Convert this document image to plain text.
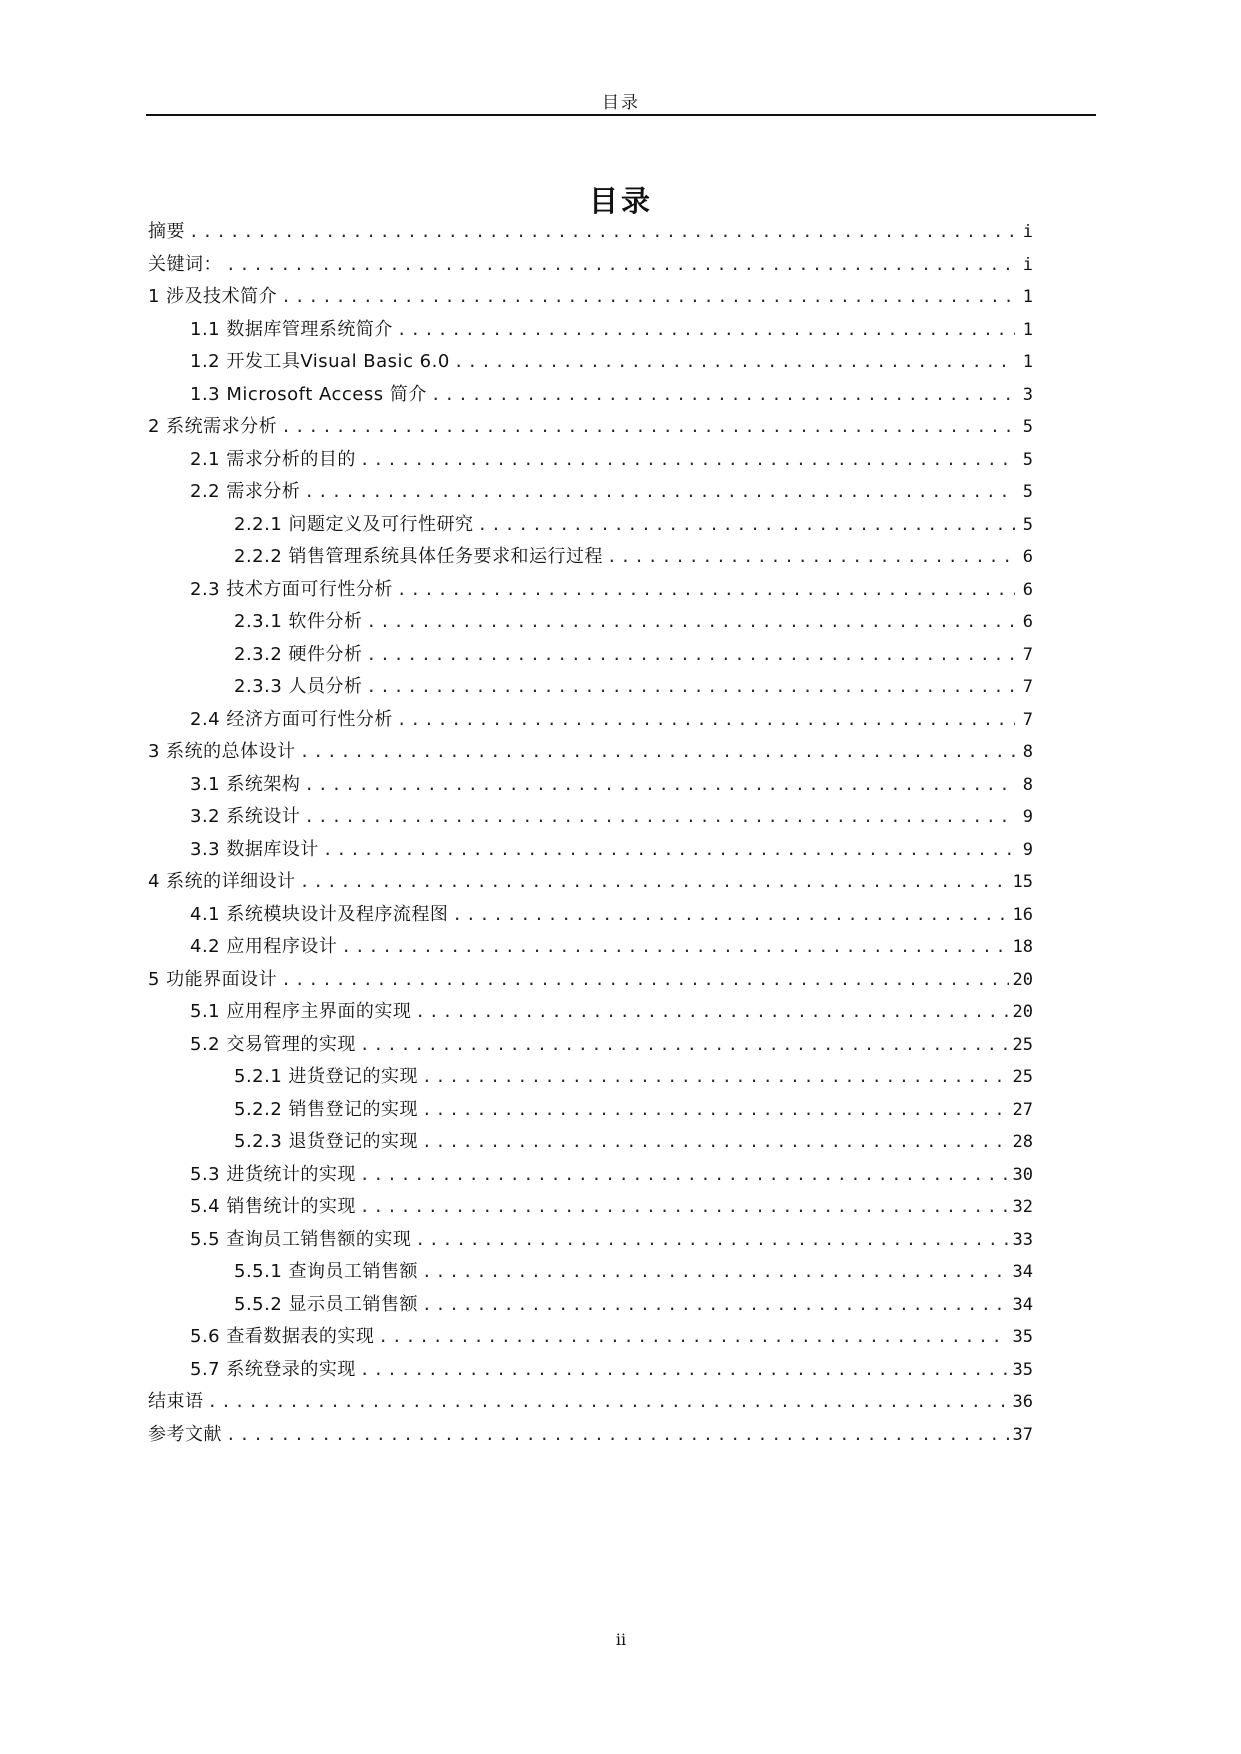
目录
目录
摘要 .....	i
关键词： .....	i
1 涉及技术简介 .....	1
1.1 数据库管理系统简介 .....	1
1.2 开发工具Visual Basic 6.0 .....	1
1.3 Microsoft Access 简介 .....	3
2 系统需求分析 .....	5
2.1 需求分析的目的 .....	5
2.2 需求分析 .....	5
2.2.1 问题定义及可行性研究 .....	5
2.2.2 销售管理系统具体任务要求和运行过程 .....	6
2.3 技术方面可行性分析 .....	6
2.3.1 软件分析 .....	6
2.3.2 硬件分析 .....	7
2.3.3 人员分析 .....	7
2.4 经济方面可行性分析 .....	7
3 系统的总体设计 .....	8
3.1 系统架构 .....	8
3.2 系统设计 .....	9
3.3 数据库设计 .....	9
4 系统的详细设计 .....	15
4.1 系统模块设计及程序流程图 .....	16
4.2 应用程序设计 .....	18
5 功能界面设计 .....	20
5.1 应用程序主界面的实现 .....	20
5.2 交易管理的实现 .....	25
5.2.1 进货登记的实现 .....	25
5.2.2 销售登记的实现 .....	27
5.2.3 退货登记的实现 .....	28
5.3 进货统计的实现 .....	30
5.4 销售统计的实现 .....	32
5.5 查询员工销售额的实现 .....	33
5.5.1 查询员工销售额 .....	34
5.5.2 显示员工销售额 .....	34
5.6 查看数据表的实现 .....	35
5.7 系统登录的实现 .....	35
结束语 .....	36
参考文献 .....	37
ii
